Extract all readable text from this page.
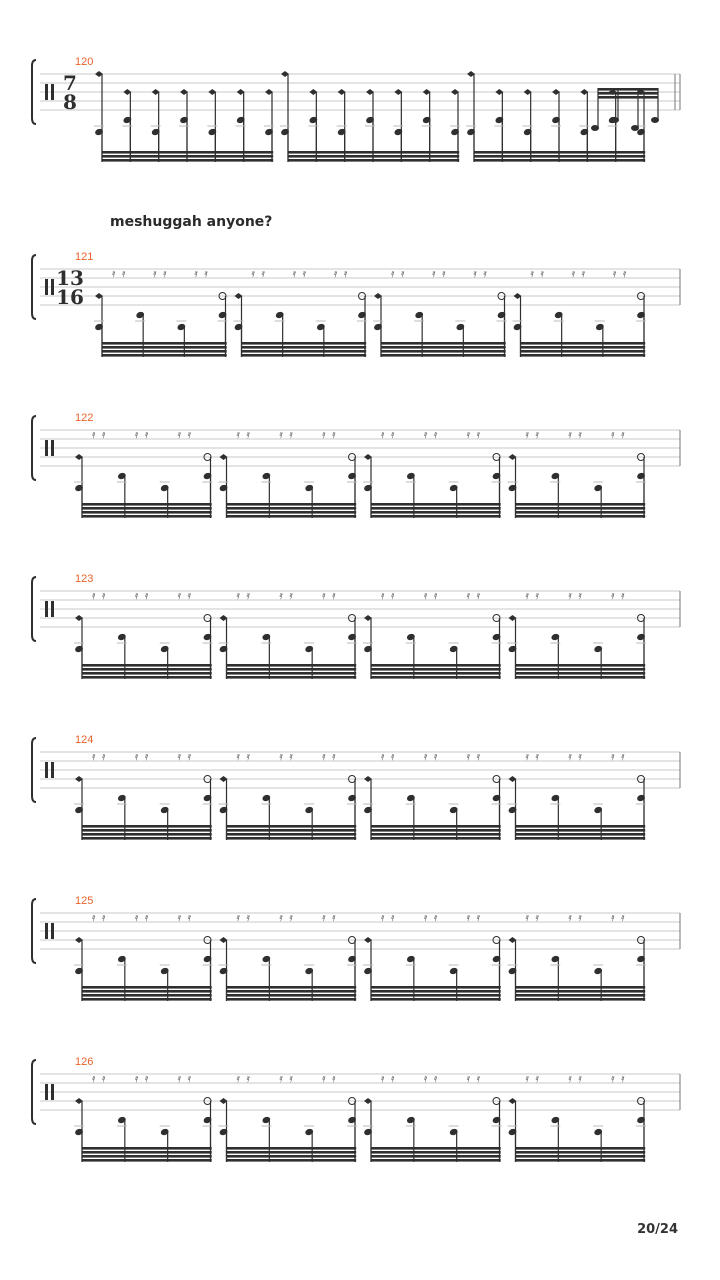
120
7
8
121
13
16
𝄿 𝄿	𝄿 𝄿	𝄿 𝄿	𝄿 𝄿	𝄿 𝄿	𝄿 𝄿	𝄿 𝄿	𝄿 𝄿	𝄿 𝄿	𝄿 𝄿	𝄿 𝄿	𝄿 𝄿
122
𝄿 𝄿	𝄿 𝄿	𝄿 𝄿	𝄿 𝄿	𝄿 𝄿	𝄿 𝄿	𝄿 𝄿	𝄿 𝄿	𝄿 𝄿	𝄿 𝄿	𝄿 𝄿	𝄿 𝄿
123
𝄿 𝄿	𝄿 𝄿	𝄿 𝄿	𝄿 𝄿	𝄿 𝄿	𝄿 𝄿	𝄿 𝄿	𝄿 𝄿	𝄿 𝄿	𝄿 𝄿	𝄿 𝄿	𝄿 𝄿
124
𝄿 𝄿	𝄿 𝄿	𝄿 𝄿	𝄿 𝄿	𝄿 𝄿	𝄿 𝄿	𝄿 𝄿	𝄿 𝄿	𝄿 𝄿	𝄿 𝄿	𝄿 𝄿	𝄿 𝄿
125
𝄿 𝄿	𝄿 𝄿	𝄿 𝄿	𝄿 𝄿	𝄿 𝄿	𝄿 𝄿	𝄿 𝄿	𝄿 𝄿	𝄿 𝄿	𝄿 𝄿	𝄿 𝄿	𝄿 𝄿
126
𝄿 𝄿	𝄿 𝄿	𝄿 𝄿	𝄿 𝄿	𝄿 𝄿	𝄿 𝄿	𝄿 𝄿	𝄿 𝄿	𝄿 𝄿	𝄿 𝄿	𝄿 𝄿	𝄿 𝄿
meshuggah anyone?
20/24
